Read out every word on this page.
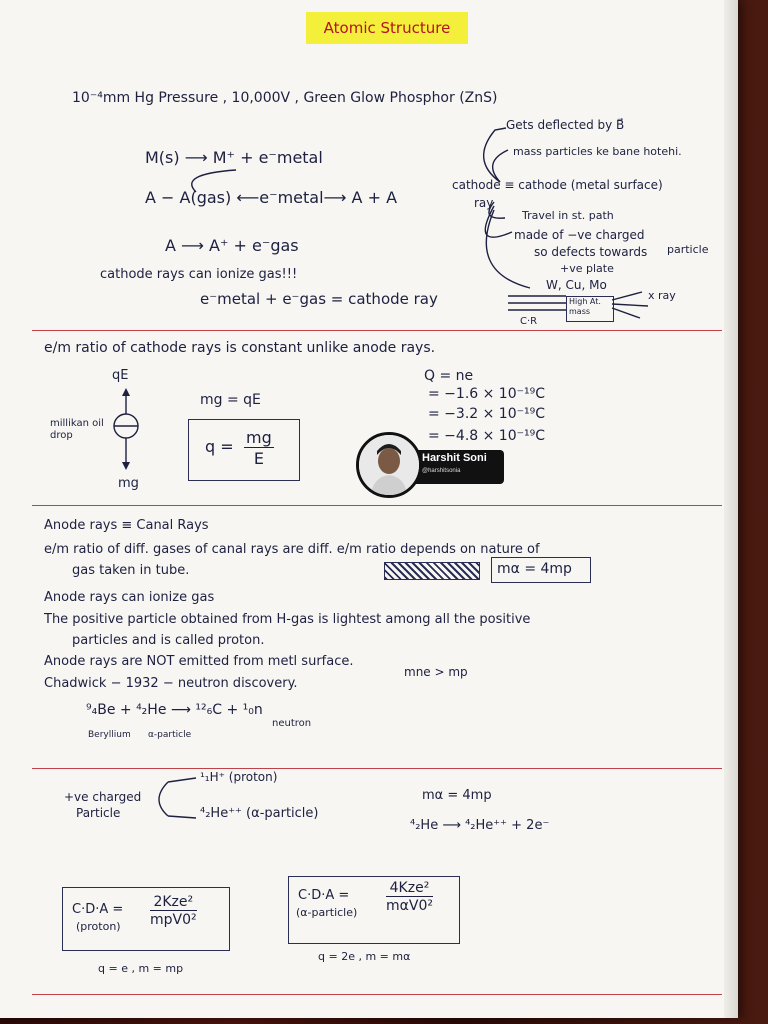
Atomic Structure
10⁻⁴mm Hg Pressure , 10,000V , Green Glow Phosphor (ZnS)
M(s) ⟶ M⁺ + e⁻metal
A − A(gas) ⟵e⁻metal⟶ A + A
A ⟶ A⁺ + e⁻gas
cathode rays can ionize gas!!!
e⁻metal + e⁻gas = cathode ray
Gets deflected by B⃗
mass particles ke bane hotehi.
cathode ≡ cathode (metal surface)
ray
Travel in st. path
made of −ve charged
particle
so defects towards
+ve plate
W, Cu, Mo
High At. mass
x ray
C·R
e/m ratio of cathode rays is constant unlike anode rays.
qE
millikan oil drop
mg
mg = qE
$q = \frac{mg}{E}$
Q = ne
= −1.6 × 10⁻¹⁹C
= −3.2 × 10⁻¹⁹C
= −4.8 × 10⁻¹⁹C
Harshit Soni
@harshitsonia
Anode rays ≡ Canal Rays
e/m ratio of diff. gases of canal rays are diff. e/m ratio depends on nature of
gas taken in tube.	mα = 4mp
Anode rays can ionize gas
The positive particle obtained from H-gas is lightest among all the positive
particles and is called proton.
Anode rays are NOT emitted from metl surface.
Chadwick − 1932 − neutron discovery.
mne > mp
⁹₄Be + ⁴₂He ⟶ ¹²₆C + ¹₀n
Beryllium α-particle
neutron
+ve charged
Particle
¹₁H⁺ (proton)
⁴₂He⁺⁺ (α-particle)
mα = 4mp
⁴₂He ⟶ ⁴₂He⁺⁺ + 2e⁻
C·D·A =
(proton)
2Kze²
mpV0²
q = e , m = mp
C·D·A =
(α-particle)
4Kze²
mαV0²
q = 2e , m = mα
